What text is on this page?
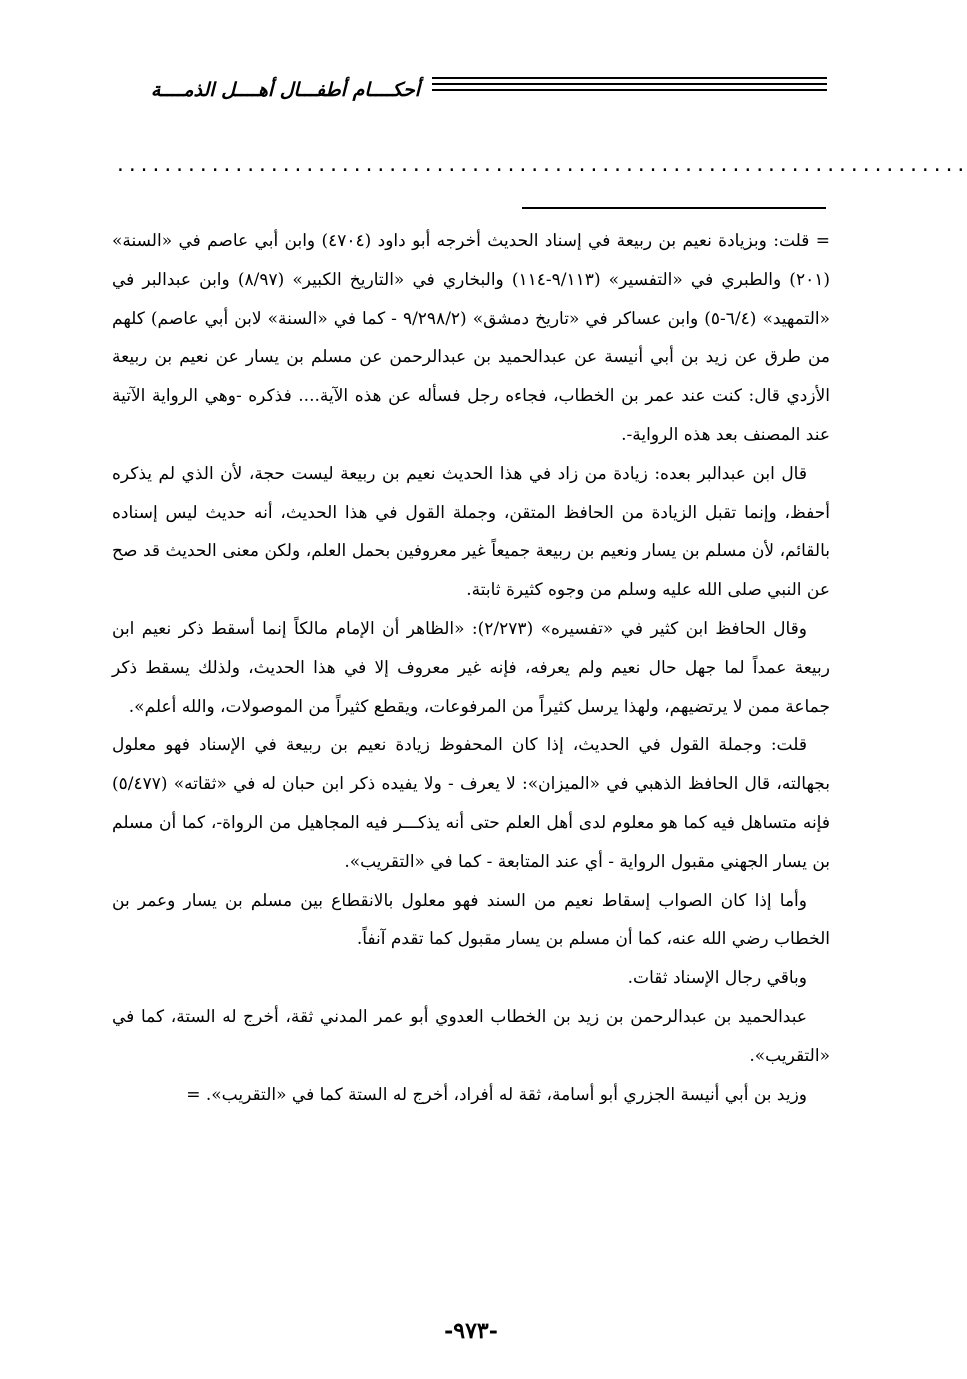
أحكــــام أطفـــال أهــــل الذمــــة
........................................................................

= قلت: وبزيادة نعيم بن ربيعة في إسناد الحديث أخرجه أبو داود (٤٧٠٤) وابن أبي عاصم في «السنة» (٢٠١) والطبري في «التفسير» (٩/١١٣-١١٤) والبخاري في «التاريخ الكبير» (٨/٩٧) وابن عبدالبر في «التمهيد» (٦/٤-٥) وابن عساكر في «تاريخ دمشق» (٩/٢٩٨/٢ - كما في «السنة» لابن أبي عاصم) كلهم من طرق عن زيد بن أبي أنيسة عن عبدالحميد بن عبدالرحمن عن مسلم بن يسار عن نعيم بن ربيعة الأزدي قال: كنت عند عمر بن الخطاب، فجاءه رجل فسأله عن هذه الآية.... فذكره -وهي الرواية الآتية عند المصنف بعد هذه الرواية-.

قال ابن عبدالبر بعده: زيادة من زاد في هذا الحديث نعيم بن ربيعة ليست حجة، لأن الذي لم يذكره أحفظ، وإنما تقبل الزيادة من الحافظ المتقن، وجملة القول في هذا الحديث، أنه حديث ليس إسناده بالقائم، لأن مسلم بن يسار ونعيم بن ربيعة جميعاً غير معروفين بحمل العلم، ولكن معنى الحديث قد صح عن النبي صلى الله عليه وسلم من وجوه كثيرة ثابتة.

وقال الحافظ ابن كثير في «تفسيره» (٢/٢٧٣): «الظاهر أن الإمام مالكاً إنما أسقط ذكر نعيم ابن ربيعة عمداً لما جهل حال نعيم ولم يعرفه، فإنه غير معروف إلا في هذا الحديث، ولذلك يسقط ذكر جماعة ممن لا يرتضيهم، ولهذا يرسل كثيراً من المرفوعات، ويقطع كثيراً من الموصولات، والله أعلم».

قلت: وجملة القول في الحديث، إذا كان المحفوظ زيادة نعيم بن ربيعة في الإسناد فهو معلول بجهالته، قال الحافظ الذهبي في «الميزان»: لا يعرف - ولا يفيده ذكر ابن حبان له في «ثقاته» (٥/٤٧٧) فإنه متساهل فيه كما هو معلوم لدى أهل العلم حتى أنه يذكـــر فيه المجاهيل من الرواة-، كما أن مسلم بن يسار الجهني مقبول الرواية - أي عند المتابعة - كما في «التقريب».

وأما إذا كان الصواب إسقاط نعيم من السند فهو معلول بالانقطاع بين مسلم بن يسار وعمر بن الخطاب رضي الله عنه، كما أن مسلم بن يسار مقبول كما تقدم آنفاً.

وباقي رجال الإسناد ثقات.

عبدالحميد بن عبدالرحمن بن زيد بن الخطاب العدوي أبو عمر المدني ثقة، أخرج له الستة، كما في «التقريب».

وزيد بن أبي أنيسة الجزري أبو أسامة، ثقة له أفراد، أخرج له الستة كما في «التقريب». =

-٩٧٣-
